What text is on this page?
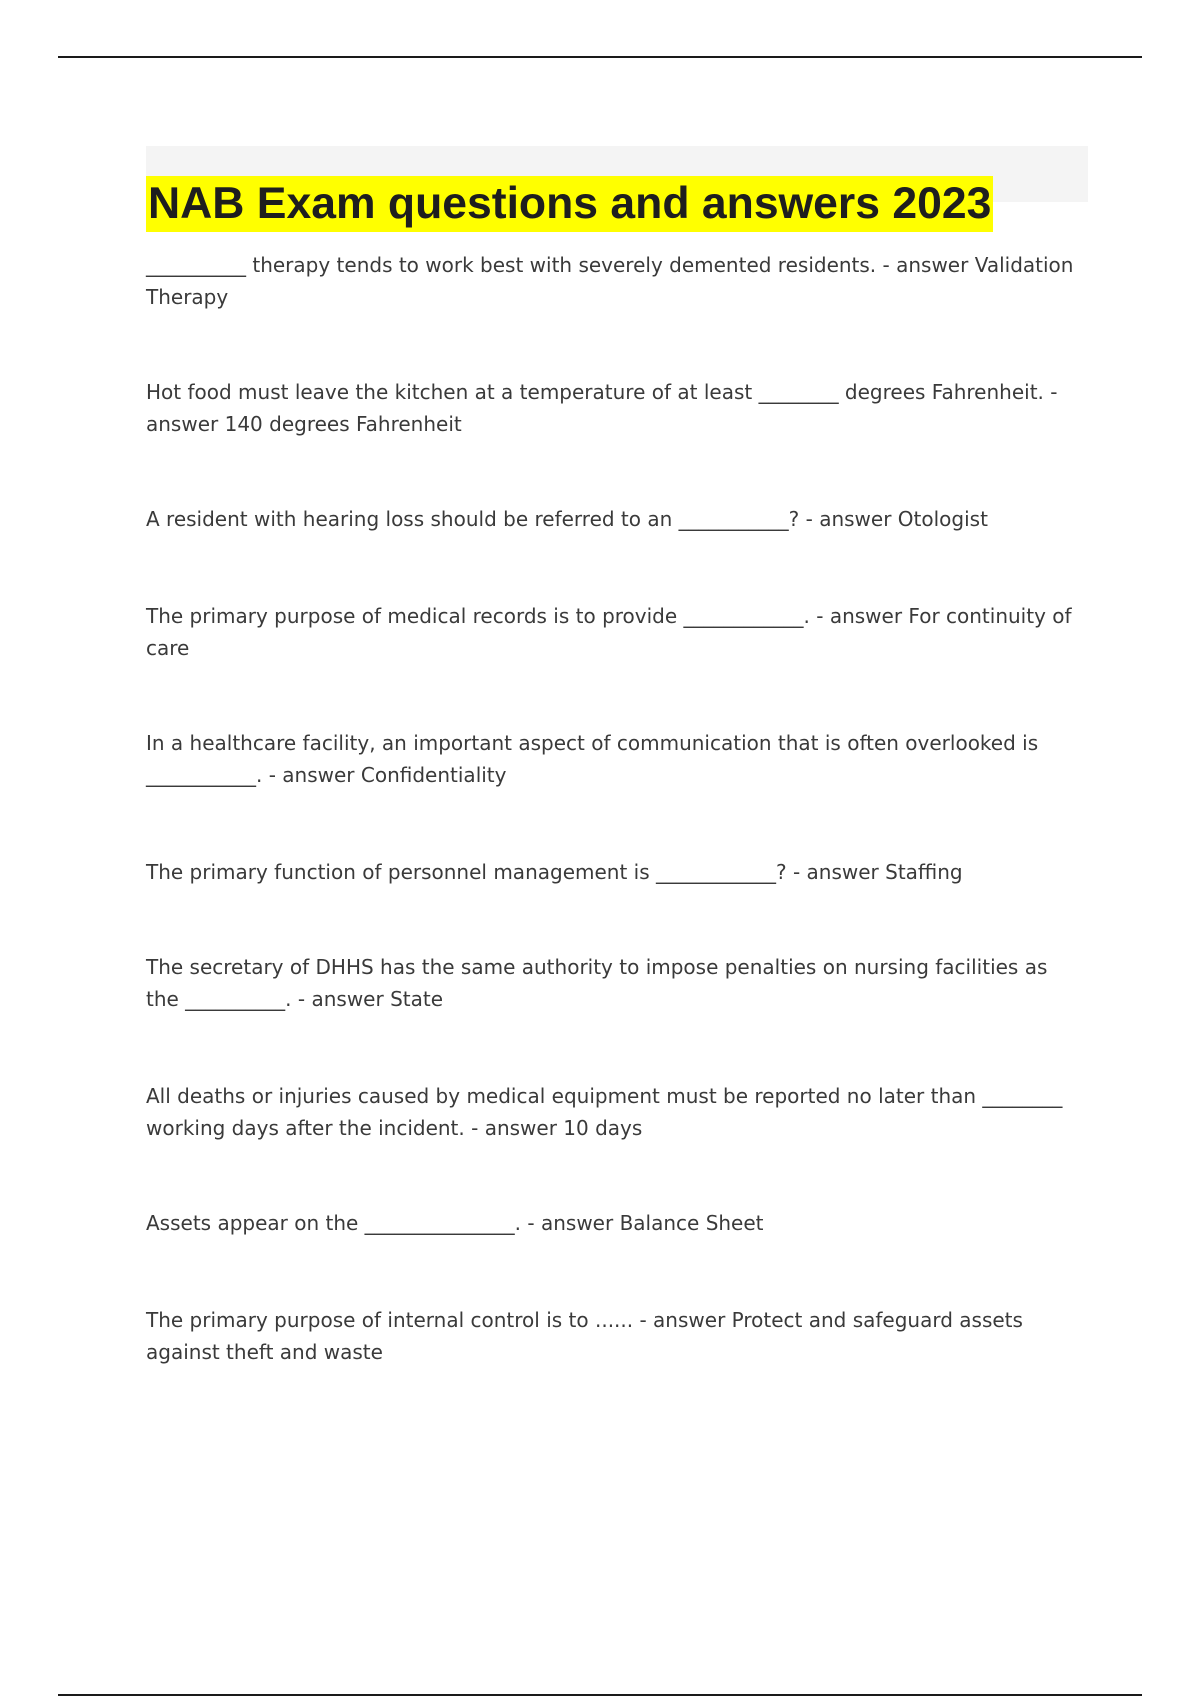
NAB Exam questions and answers 2023

__________ therapy tends to work best with severely demented residents. - answer Validation Therapy

Hot food must leave the kitchen at a temperature of at least ________ degrees Fahrenheit. - answer 140 degrees Fahrenheit

A resident with hearing loss should be referred to an ___________? - answer Otologist

The primary purpose of medical records is to provide ____________. - answer For continuity of care

In a healthcare facility, an important aspect of communication that is often overlooked is ___________. - answer Confidentiality

The primary function of personnel management is ____________? - answer Staffing

The secretary of DHHS has the same authority to impose penalties on nursing facilities as the __________. - answer State

All deaths or injuries caused by medical equipment must be reported no later than ________ working days after the incident. - answer 10 days

Assets appear on the _______________. - answer Balance Sheet

The primary purpose of internal control is to ...... - answer Protect and safeguard assets against theft and waste
